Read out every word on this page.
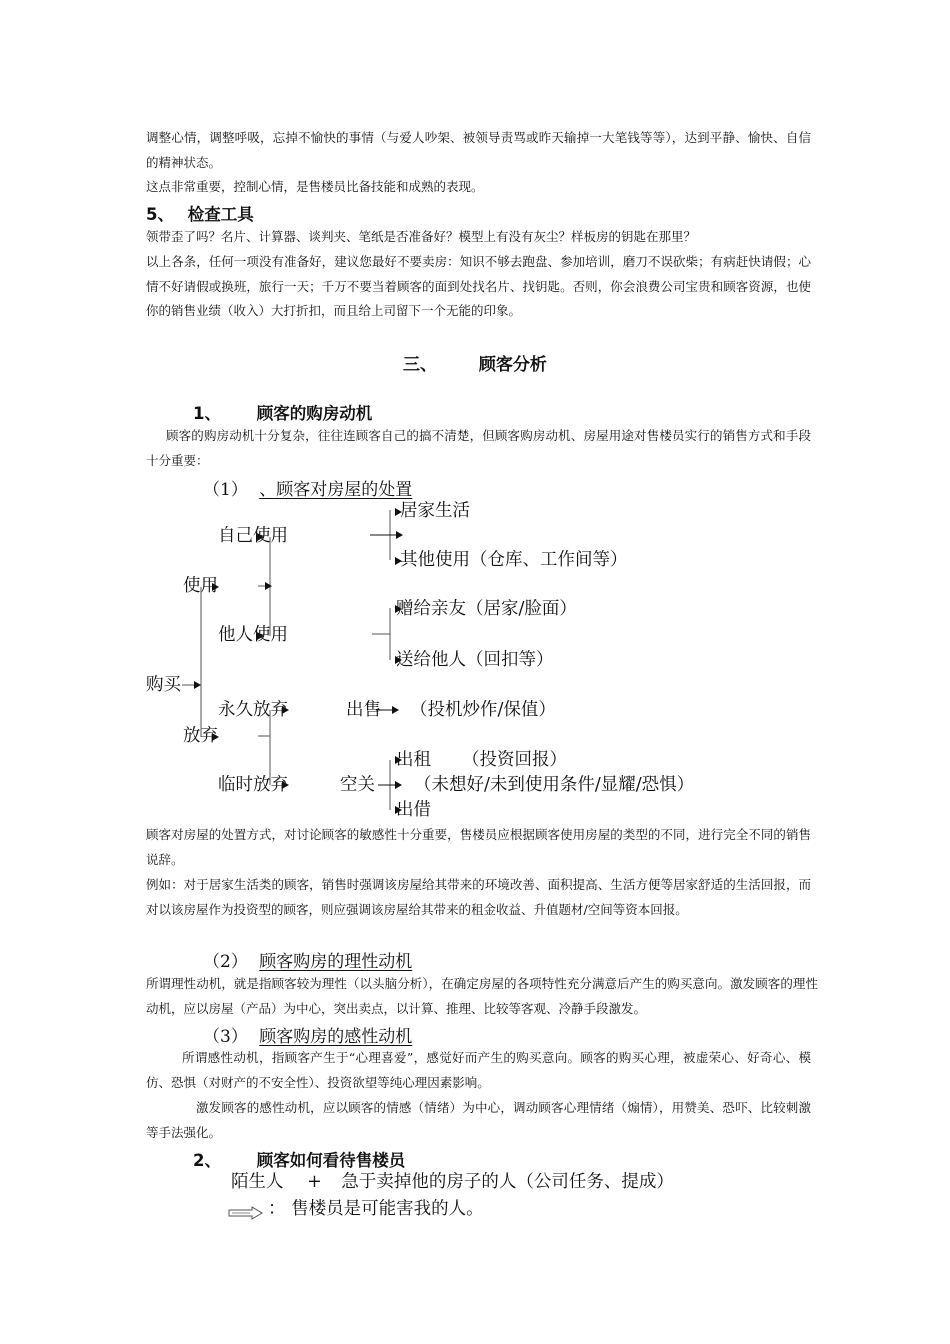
调整心情，调整呼吸，忘掉不愉快的事情（与爱人吵架、被领导责骂或昨天输掉一大笔钱等等），达到平静、愉快、自信的精神状态。

这点非常重要，控制心情，是售楼员比备技能和成熟的表现。

5、 检查工具

领带歪了吗？名片、计算器、谈判夹、笔纸是否准备好？模型上有没有灰尘？样板房的钥匙在那里？

以上各条，任何一项没有准备好，建议您最好不要卖房：知识不够去跑盘、参加培训，磨刀不误砍柴；有病赶快请假；心情不好请假或换班，旅行一天；千万不要当着顾客的面到处找名片、找钥匙。否则，你会浪费公司宝贵和顾客资源，也使你的销售业绩（收入）大打折扣，而且给上司留下一个无能的印象。

三、 顾客分析
1、 顾客的购房动机

顾客的购房动机十分复杂，往往连顾客自己的搞不清楚，但顾客购房动机、房屋用途对售楼员实行的销售方式和手段十分重要：

（1） 、顾客对房屋的处置
购买
使用
放弃
自己使用
他人使用
永久放弃
临时放弃
居家生活
其他使用（仓库、工作间等）
赠给亲友（居家/脸面）
送给他人（回扣等）
出售 （投机炒作/保值）
空关 （未想好/未到使用条件/显耀/恐惧）
出租 （投资回报）
出借

顾客对房屋的处置方式，对讨论顾客的敏感性十分重要，售楼员应根据顾客使用房屋的类型的不同，进行完全不同的销售说辞。

例如：对于居家生活类的顾客，销售时强调该房屋给其带来的环境改善、面积提高、生活方便等居家舒适的生活回报，而对以该房屋作为投资型的顾客，则应强调该房屋给其带来的租金收益、升值题材/空间等资本回报。

（2） 顾客购房的理性动机

所谓理性动机，就是指顾客较为理性（以头脑分析），在确定房屋的各项特性充分满意后产生的购买意向。激发顾客的理性动机，应以房屋（产品）为中心，突出卖点，以计算、推理、比较等客观、冷静手段激发。

（3） 顾客购房的感性动机

所谓感性动机，指顾客产生于“心理喜爱”，感觉好而产生的购买意向。顾客的购买心理，被虚荣心、好奇心、模仿、恐惧（对财产的不安全性）、投资欲望等纯心理因素影响。

激发顾客的感性动机，应以顾客的情感（情绪）为中心，调动顾客心理情绪（煽情），用赞美、恐吓、比较刺激等手法强化。

2、 顾客如何看待售楼员
陌生人 + 急于卖掉他的房子的人（公司任务、提成）
： 售楼员是可能害我的人。
